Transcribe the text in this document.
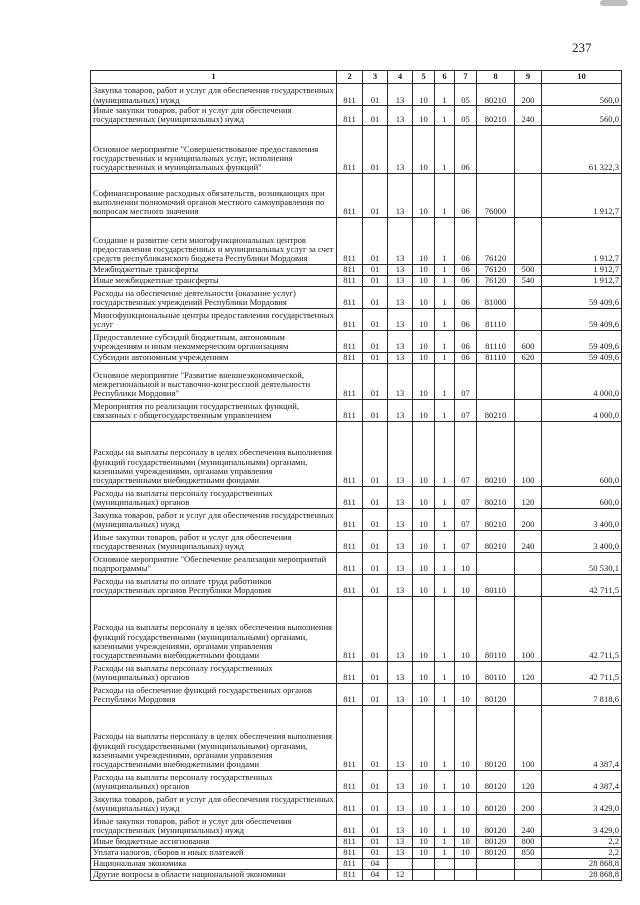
237
1	2	3	4	5	6	7	8	9	10
Закупка товаров, работ и услуг для обеспечения государственных (муниципальных) нужд	811	01	13	10	1	05	80210	200	560,0
Иные закупки товаров, работ и услуг для обеспечения государственных (муниципальных) нужд	811	01	13	10	1	05	80210	240	560,0
Основное мероприятие "Совершенствование предоставления государственных и муниципальных услуг, исполнения государственных и муниципальных функций"	811	01	13	10	1	06			61 322,3
Софинансирование расходных обязательств, возникающих при выполнении полномочий органов местного самоуправления по вопросам местного значения	811	01	13	10	1	06	76000		1 912,7
Создание и развитие сети многофункциональных центров предоставления государственных и муниципальных услуг за счет средств республиканского бюджета Республики Мордовия	811	01	13	10	1	06	76120		1 912,7
Межбюджетные трансферты	811	01	13	10	1	06	76120	500	1 912,7
Иные межбюджетные трансферты	811	01	13	10	1	06	76120	540	1 912,7
Расходы на обеспечение деятельности (оказание услуг) государственных учреждений Республики Мордовия	811	01	13	10	1	06	81000		59 409,6
Многофункциональные центры предоставления государственных услуг	811	01	13	10	1	06	81110		59 409,6
Предоставление субсидий бюджетным, автономным учреждениям и иным некоммерческим организациям	811	01	13	10	1	06	81110	600	59 409,6
Субсидии автономным учреждениям	811	01	13	10	1	06	81110	620	59 409,6
Основное мероприятие "Развитие внешнеэкономической, межрегиональной и выставочно-конгрессной деятельности Республики Мордовия"	811	01	13	10	1	07			4 000,0
Мероприятия по реализации государственных функций, связанных с общегосударственным управлением	811	01	13	10	1	07	80210		4 000,0
Расходы на выплаты персоналу в целях обеспечения выполнения функций государственными (муниципальными) органами, казенными учреждениями, органами управления государственными внебюджетными фондами	811	01	13	10	1	07	80210	100	600,0
Расходы на выплаты персоналу государственных (муниципальных) органов	811	01	13	10	1	07	80210	120	600,0
Закупка товаров, работ и услуг для обеспечения государственных (муниципальных) нужд	811	01	13	10	1	07	80210	200	3 400,0
Иные закупки товаров, работ и услуг для обеспечения государственных (муниципальных) нужд	811	01	13	10	1	07	80210	240	3 400,0
Основное мероприятие "Обеспечение реализации мероприятий подпрограммы"	811	01	13	10	1	10			50 530,1
Расходы на выплаты по оплате труда работников государственных органов Республики Мордовия	811	01	13	10	1	10	80110		42 711,5
Расходы на выплаты персоналу в целях обеспечения выполнения функций государственными (муниципальными) органами, казенными учреждениями, органами управления государственными внебюджетными фондами	811	01	13	10	1	10	80110	100	42 711,5
Расходы на выплаты персоналу государственных (муниципальных) органов	811	01	13	10	1	10	80110	120	42 711,5
Расходы на обеспечение функций государственных органов Республики Мордовия	811	01	13	10	1	10	80120		7 818,6
Расходы на выплаты персоналу в целях обеспечения выполнения функций государственными (муниципальными) органами, казенными учреждениями, органами управления государственными внебюджетными фондами	811	01	13	10	1	10	80120	100	4 387,4
Расходы на выплаты персоналу государственных (муниципальных) органов	811	01	13	10	1	10	80120	120	4 387,4
Закупка товаров, работ и услуг для обеспечения государственных (муниципальных) нужд	811	01	13	10	1	10	80120	200	3 429,0
Иные закупки товаров, работ и услуг для обеспечения государственных (муниципальных) нужд	811	01	13	10	1	10	80120	240	3 429,0
Иные бюджетные ассигнования	811	01	13	10	1	10	80120	800	2,2
Уплата налогов, сборов и иных платежей	811	01	13	10	1	10	80120	850	2,2
Национальная экономика	811	04							28 868,8
Другие вопросы в области национальной экономики	811	04	12						28 868,8
